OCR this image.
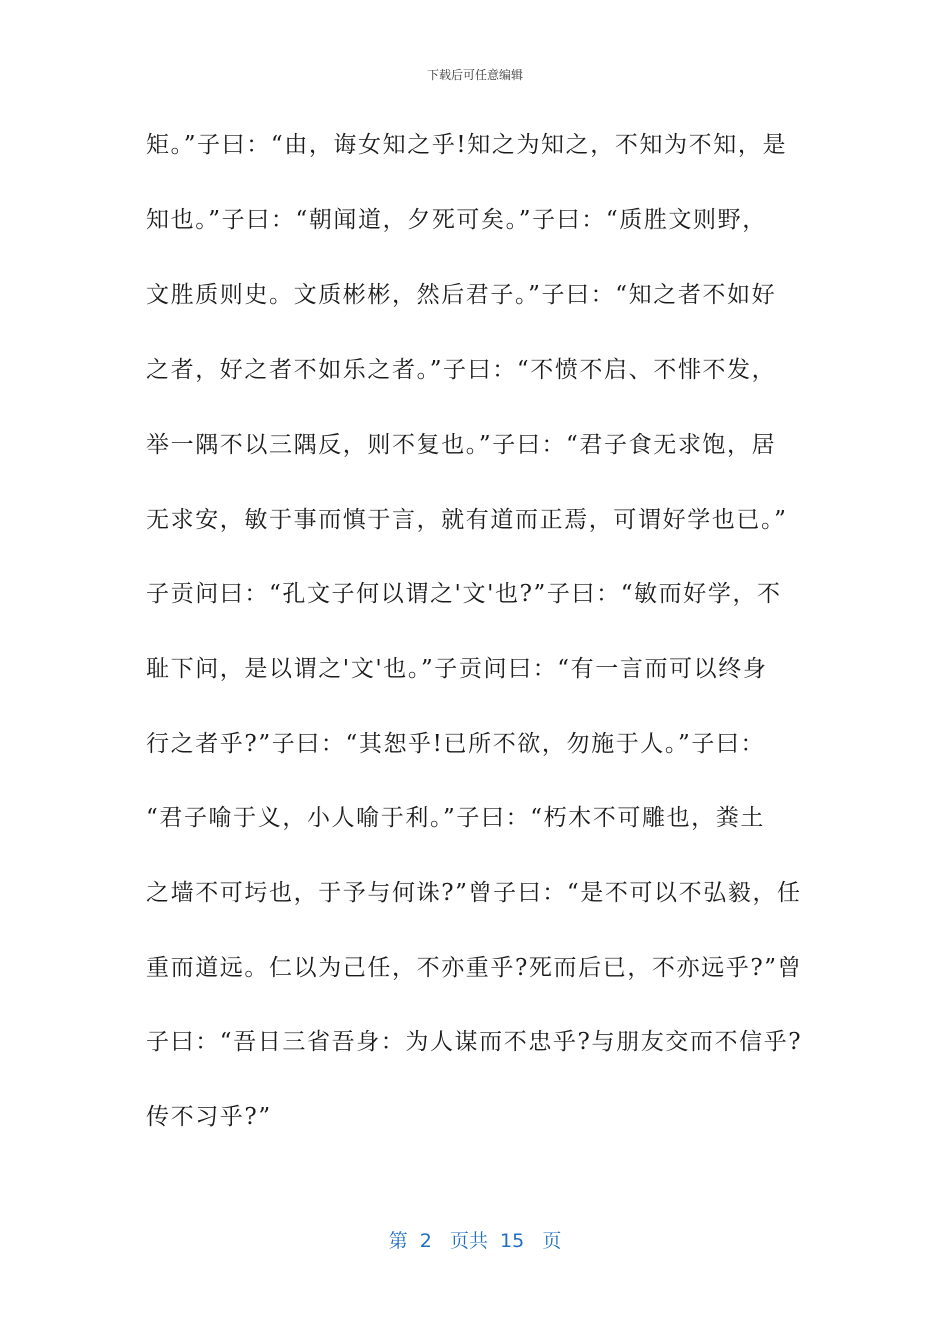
下载后可任意编辑
矩。”子曰：“由，诲女知之乎!知之为知之，不知为不知，是
知也。”子曰：“朝闻道，夕死可矣。”子曰：“质胜文则野，
文胜质则史。文质彬彬，然后君子。”子曰：“知之者不如好
之者，好之者不如乐之者。”子曰：“不愤不启、不悱不发，
举一隅不以三隅反，则不复也。”子曰：“君子食无求饱，居
无求安，敏于事而慎于言，就有道而正焉，可谓好学也已。”
子贡问曰：“孔文子何以谓之'文'也?”子曰：“敏而好学，不
耻下问，是以谓之'文'也。”子贡问曰：“有一言而可以终身
行之者乎?”子曰：“其恕乎!已所不欲，勿施于人。”子曰：
“君子喻于义，小人喻于利。”子曰：“朽木不可雕也，粪土
之墙不可圬也，于予与何诛?”曾子曰：“是不可以不弘毅，任
重而道远。仁以为己任，不亦重乎?死而后已，不亦远乎?”曾
子曰：“吾日三省吾身：为人谋而不忠乎?与朋友交而不信乎?
传不习乎?”
第  2   页共  15   页
